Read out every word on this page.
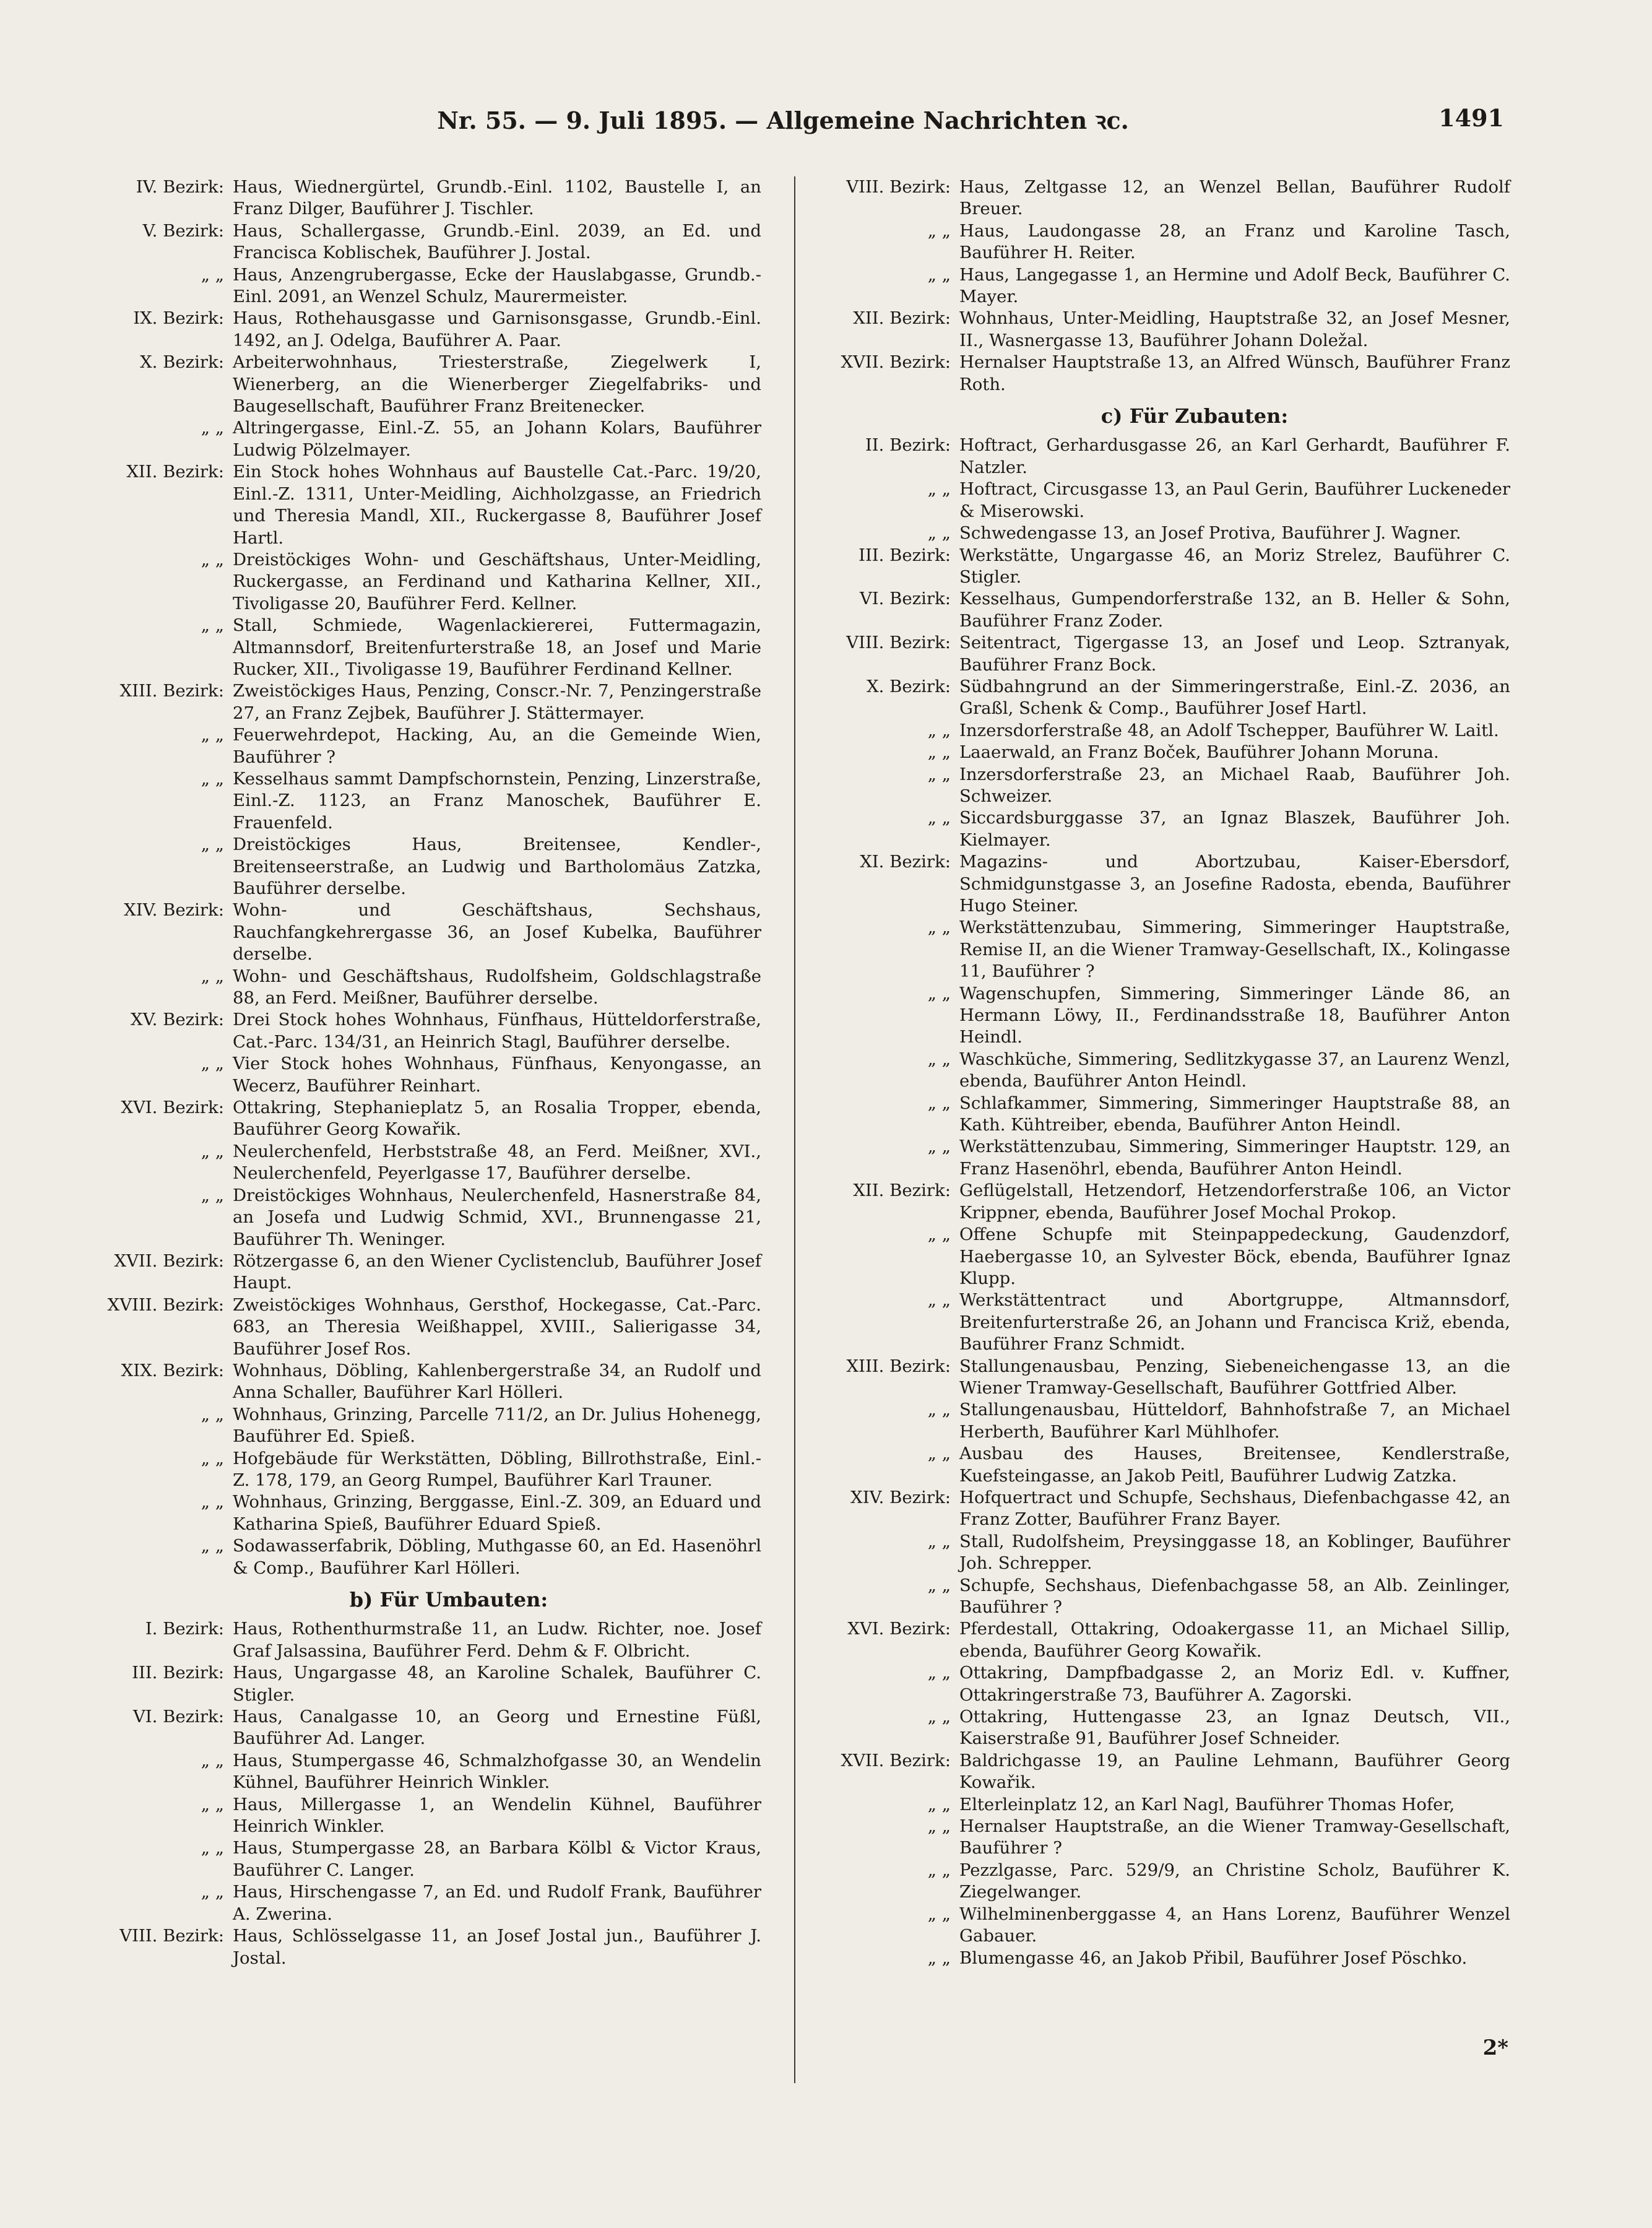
Nr. 55. — 9. Juli 1895. — Allgemeine Nachrichten ⁠ꝛc.	1491
IV. Bezirk: Haus, Wiednergürtel, Grundb.-Einl. 1102, Baustelle I, an Franz Dilger, Bauführer J. Tischler.
V. Bezirk: Haus, Schallergasse, Grundb.-Einl. 2039, an Ed. und Francisca Koblischek, Bauführer J. Jostal.
„ „ Haus, Anzengrubergasse, Ecke der Hauslabgasse, Grundb.-Einl. 2091, an Wenzel Schulz, Maurermeister.
IX. Bezirk: Haus, Rothehausgasse und Garnisonsgasse, Grundb.-Einl. 1492, an J. Odelga, Bauführer A. Paar.
X. Bezirk: Arbeiterwohnhaus, Triesterstraße, Ziegelwerk I, Wienerberg, an die Wienerberger Ziegelfabriks- und Baugesellschaft, Bauführer Franz Breitenecker.
„ „ Altringergasse, Einl.-Z. 55, an Johann Kolars, Bauführer Ludwig Pölzelmayer.
XII. Bezirk: Ein Stock hohes Wohnhaus auf Baustelle Cat.-Parc. 19/20, Einl.-Z. 1311, Unter-Meidling, Aichholzgasse, an Friedrich und Theresia Mandl, XII., Ruckergasse 8, Bauführer Josef Hartl.
„ „ Dreistöckiges Wohn- und Geschäftshaus, Unter-Meidling, Ruckergasse, an Ferdinand und Katharina Kellner, XII., Tivoligasse 20, Bauführer Ferd. Kellner.
„ „ Stall, Schmiede, Wagenlackiererei, Futtermagazin, Altmannsdorf, Breitenfurterstraße 18, an Josef und Marie Rucker, XII., Tivoligasse 19, Bauführer Ferdinand Kellner.
XIII. Bezirk: Zweistöckiges Haus, Penzing, Conscr.-Nr. 7, Penzingerstraße 27, an Franz Zejbek, Bauführer J. Stättermayer.
„ „ Feuerwehrdepot, Hacking, Au, an die Gemeinde Wien, Bauführer ?
„ „ Kesselhaus sammt Dampfschornstein, Penzing, Linzerstraße, Einl.-Z. 1123, an Franz Manoschek, Bauführer E. Frauenfeld.
„ „ Dreistöckiges Haus, Breitensee, Kendler-, Breitenseerstraße, an Ludwig und Bartholomäus Zatzka, Bauführer derselbe.
XIV. Bezirk: Wohn- und Geschäftshaus, Sechshaus, Rauchfangkehrergasse 36, an Josef Kubelka, Bauführer derselbe.
„ „ Wohn- und Geschäftshaus, Rudolfsheim, Goldschlagstraße 88, an Ferd. Meißner, Bauführer derselbe.
XV. Bezirk: Drei Stock hohes Wohnhaus, Fünfhaus, Hütteldorferstraße, Cat.-Parc. 134/31, an Heinrich Stagl, Bauführer derselbe.
„ „ Vier Stock hohes Wohnhaus, Fünfhaus, Kenyongasse, an Wecerz, Bauführer Reinhart.
XVI. Bezirk: Ottakring, Stephanieplatz 5, an Rosalia Tropper, ebenda, Bauführer Georg Kowařik.
„ „ Neulerchenfeld, Herbststraße 48, an Ferd. Meißner, XVI., Neulerchenfeld, Peyerlgasse 17, Bauführer derselbe.
„ „ Dreistöckiges Wohnhaus, Neulerchenfeld, Hasnerstraße 84, an Josefa und Ludwig Schmid, XVI., Brunnengasse 21, Bauführer Th. Weninger.
XVII. Bezirk: Rötzergasse 6, an den Wiener Cyclistenclub, Bauführer Josef Haupt.
XVIII. Bezirk: Zweistöckiges Wohnhaus, Gersthof, Hockegasse, Cat.-Parc. 683, an Theresia Weißhappel, XVIII., Salierigasse 34, Bauführer Josef Ros.
XIX. Bezirk: Wohnhaus, Döbling, Kahlenbergerstraße 34, an Rudolf und Anna Schaller, Bauführer Karl Hölleri.
„ „ Wohnhaus, Grinzing, Parcelle 711/2, an Dr. Julius Hohenegg, Bauführer Ed. Spieß.
„ „ Hofgebäude für Werkstätten, Döbling, Billrothstraße, Einl.-Z. 178, 179, an Georg Rumpel, Bauführer Karl Trauner.
„ „ Wohnhaus, Grinzing, Berggasse, Einl.-Z. 309, an Eduard und Katharina Spieß, Bauführer Eduard Spieß.
„ „ Sodawasserfabrik, Döbling, Muthgasse 60, an Ed. Hasenöhrl & Comp., Bauführer Karl Hölleri.
b) Für Umbauten:
I. Bezirk: Haus, Rothenthurmstraße 11, an Ludw. Richter, noe. Josef Graf Jalsassina, Bauführer Ferd. Dehm & F. Olbricht.
III. Bezirk: Haus, Ungargasse 48, an Karoline Schalek, Bauführer C. Stigler.
VI. Bezirk: Haus, Canalgasse 10, an Georg und Ernestine Füßl, Bauführer Ad. Langer.
„ „ Haus, Stumpergasse 46, Schmalzhofgasse 30, an Wendelin Kühnel, Bauführer Heinrich Winkler.
„ „ Haus, Millergasse 1, an Wendelin Kühnel, Bauführer Heinrich Winkler.
„ „ Haus, Stumpergasse 28, an Barbara Kölbl & Victor Kraus, Bauführer C. Langer.
„ „ Haus, Hirschengasse 7, an Ed. und Rudolf Frank, Bauführer A. Zwerina.
VIII. Bezirk: Haus, Schlösselgasse 11, an Josef Jostal jun., Bauführer J. Jostal.
VIII. Bezirk: Haus, Zeltgasse 12, an Wenzel Bellan, Bauführer Rudolf Breuer.
„ „ Haus, Laudongasse 28, an Franz und Karoline Tasch, Bauführer H. Reiter.
„ „ Haus, Langegasse 1, an Hermine und Adolf Beck, Bauführer C. Mayer.
XII. Bezirk: Wohnhaus, Unter-Meidling, Hauptstraße 32, an Josef Mesner, II., Wasnergasse 13, Bauführer Johann Doležal.
XVII. Bezirk: Hernalser Hauptstraße 13, an Alfred Wünsch, Bauführer Franz Roth.
c) Für Zubauten:
II. Bezirk: Hoftract, Gerhardusgasse 26, an Karl Gerhardt, Bauführer F. Natzler.
„ „ Hoftract, Circusgasse 13, an Paul Gerin, Bauführer Luckeneder & Miserowski.
„ „ Schwedengasse 13, an Josef Protiva, Bauführer J. Wagner.
III. Bezirk: Werkstätte, Ungargasse 46, an Moriz Strelez, Bauführer C. Stigler.
VI. Bezirk: Kesselhaus, Gumpendorferstraße 132, an B. Heller & Sohn, Bauführer Franz Zoder.
VIII. Bezirk: Seitentract, Tigergasse 13, an Josef und Leop. Sztranyak, Bauführer Franz Bock.
X. Bezirk: Südbahngrund an der Simmeringerstraße, Einl.-Z. 2036, an Graßl, Schenk & Comp., Bauführer Josef Hartl.
„ „ Inzersdorferstraße 48, an Adolf Tschepper, Bauführer W. Laitl.
„ „ Laaerwald, an Franz Boček, Bauführer Johann Moruna.
„ „ Inzersdorferstraße 23, an Michael Raab, Bauführer Joh. Schweizer.
„ „ Siccardsburggasse 37, an Ignaz Blaszek, Bauführer Joh. Kielmayer.
XI. Bezirk: Magazins- und Abortzubau, Kaiser-Ebersdorf, Schmidgunstgasse 3, an Josefine Radosta, ebenda, Bauführer Hugo Steiner.
„ „ Werkstättenzubau, Simmering, Simmeringer Hauptstraße, Remise II, an die Wiener Tramway-Gesellschaft, IX., Kolingasse 11, Bauführer ?
„ „ Wagenschupfen, Simmering, Simmeringer Lände 86, an Hermann Löwy, II., Ferdinandsstraße 18, Bauführer Anton Heindl.
„ „ Waschküche, Simmering, Sedlitzkygasse 37, an Laurenz Wenzl, ebenda, Bauführer Anton Heindl.
„ „ Schlafkammer, Simmering, Simmeringer Hauptstraße 88, an Kath. Kühtreiber, ebenda, Bauführer Anton Heindl.
„ „ Werkstättenzubau, Simmering, Simmeringer Hauptstr. 129, an Franz Hasenöhrl, ebenda, Bauführer Anton Heindl.
XII. Bezirk: Geflügelstall, Hetzendorf, Hetzendorferstraße 106, an Victor Krippner, ebenda, Bauführer Josef Mochal Prokop.
„ „ Offene Schupfe mit Steinpappedeckung, Gaudenzdorf, Haebergasse 10, an Sylvester Böck, ebenda, Bauführer Ignaz Klupp.
„ „ Werkstättentract und Abortgruppe, Altmannsdorf, Breitenfurterstraße 26, an Johann und Francisca Križ, ebenda, Bauführer Franz Schmidt.
XIII. Bezirk: Stallungenausbau, Penzing, Siebeneichengasse 13, an die Wiener Tramway-Gesellschaft, Bauführer Gottfried Alber.
„ „ Stallungenausbau, Hütteldorf, Bahnhofstraße 7, an Michael Herberth, Bauführer Karl Mühlhofer.
„ „ Ausbau des Hauses, Breitensee, Kendlerstraße, Kuefsteingasse, an Jakob Peitl, Bauführer Ludwig Zatzka.
XIV. Bezirk: Hofquertract und Schupfe, Sechshaus, Diefenbachgasse 42, an Franz Zotter, Bauführer Franz Bayer.
„ „ Stall, Rudolfsheim, Preysinggasse 18, an Koblinger, Bauführer Joh. Schrepper.
„ „ Schupfe, Sechshaus, Diefenbachgasse 58, an Alb. Zeinlinger, Bauführer ?
XVI. Bezirk: Pferdestall, Ottakring, Odoakergasse 11, an Michael Sillip, ebenda, Bauführer Georg Kowařik.
„ „ Ottakring, Dampfbadgasse 2, an Moriz Edl. v. Kuffner, Ottakringerstraße 73, Bauführer A. Zagorski.
„ „ Ottakring, Huttengasse 23, an Ignaz Deutsch, VII., Kaiserstraße 91, Bauführer Josef Schneider.
XVII. Bezirk: Baldrichgasse 19, an Pauline Lehmann, Bauführer Georg Kowařik.
„ „ Elterleinplatz 12, an Karl Nagl, Bauführer Thomas Hofer,
„ „ Hernalser Hauptstraße, an die Wiener Tramway-Gesellschaft, Bauführer ?
„ „ Pezzlgasse, Parc. 529/9, an Christine Scholz, Bauführer K. Ziegelwanger.
„ „ Wilhelminenberggasse 4, an Hans Lorenz, Bauführer Wenzel Gabauer.
„ „ Blumengasse 46, an Jakob Přibil, Bauführer Josef Pöschko.
2*
